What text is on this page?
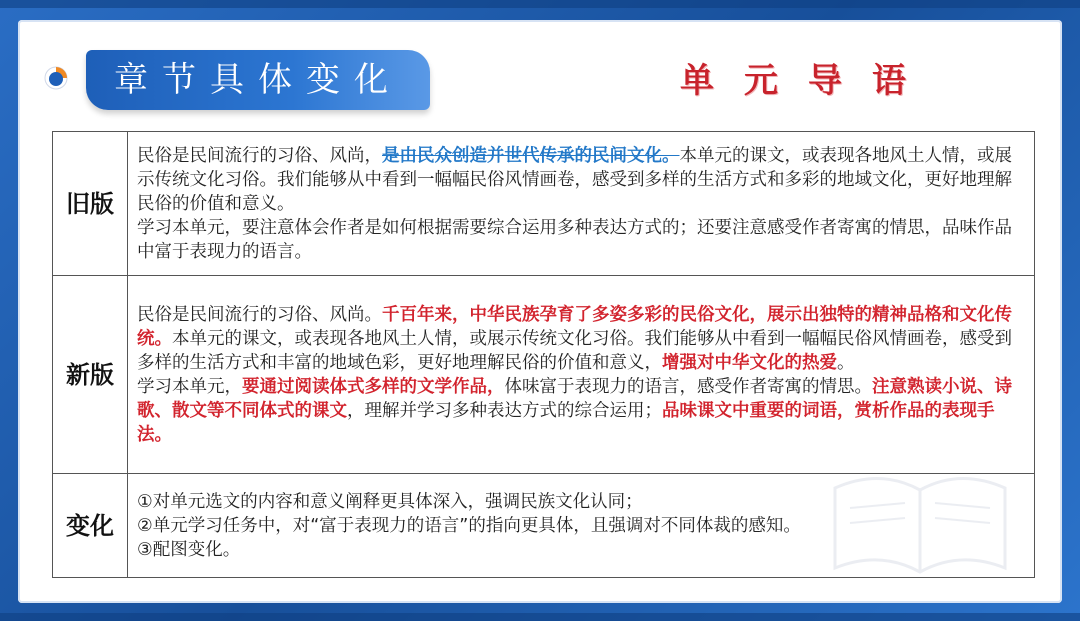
章节具体变化	单元导语
旧版	民俗是民间流行的习俗、风尚，是由民众创造并世代传承的民间文化。本单元的课文，或表现各地风土人情，或展示传统文化习俗。我们能够从中看到一幅幅民俗风情画卷，感受到多样的生活方式和多彩的地域文化，更好地理解民俗的价值和意义。
学习本单元，要注意体会作者是如何根据需要综合运用多种表达方式的；还要注意感受作者寄寓的情思，品味作品中富于表现力的语言。
新版	民俗是民间流行的习俗、风尚。千百年来，中华民族孕育了多姿多彩的民俗文化，展示出独特的精神品格和文化传统。本单元的课文，或表现各地风土人情，或展示传统文化习俗。我们能够从中看到一幅幅民俗风情画卷，感受到多样的生活方式和丰富的地域色彩，更好地理解民俗的价值和意义，增强对中华文化的热爱。
学习本单元，要通过阅读体式多样的文学作品，体味富于表现力的语言，感受作者寄寓的情思。注意熟读小说、诗歌、散文等不同体式的课文，理解并学习多种表达方式的综合运用；品味课文中重要的词语，赏析作品的表现手法。
变化	①对单元选文的内容和意义阐释更具体深入，强调民族文化认同；
②单元学习任务中，对“富于表现力的语言”的指向更具体，且强调对不同体裁的感知。
③配图变化。
